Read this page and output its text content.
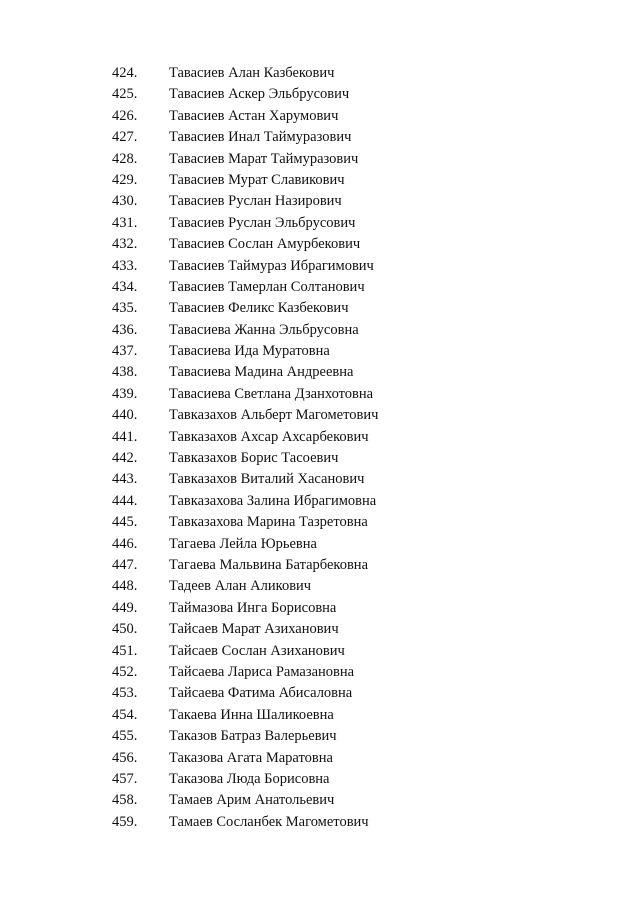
424.	Тавасиев Алан Казбекович
425.	Тавасиев Аскер Эльбрусович
426.	Тавасиев Астан Харумович
427.	Тавасиев Инал Таймуразович
428.	Тавасиев Марат Таймуразович
429.	Тавасиев Мурат Славикович
430.	Тавасиев Руслан Назирович
431.	Тавасиев Руслан Эльбрусович
432.	Тавасиев Сослан Амурбекович
433.	Тавасиев Таймураз Ибрагимович
434.	Тавасиев Тамерлан Солтанович
435.	Тавасиев Феликс Казбекович
436.	Тавасиева Жанна Эльбрусовна
437.	Тавасиева Ида Муратовна
438.	Тавасиева Мадина Андреевна
439.	Тавасиева Светлана Дзанхотовна
440.	Тавказахов Альберт Магометович
441.	Тавказахов Ахсар Ахсарбекович
442.	Тавказахов Борис Тасоевич
443.	Тавказахов Виталий Хасанович
444.	Тавказахова Залина Ибрагимовна
445.	Тавказахова Марина Тазретовна
446.	Тагаева Лейла Юрьевна
447.	Тагаева Мальвина Батарбековна
448.	Тадеев Алан Аликович
449.	Таймазова Инга Борисовна
450.	Тайсаев Марат Азиханович
451.	Тайсаев Сослан Азиханович
452.	Тайсаева Лариса Рамазановна
453.	Тайсаева Фатима Абисаловна
454.	Такаева Инна Шаликоевна
455.	Таказов Батраз Валерьевич
456.	Таказова Агата Маратовна
457.	Таказова Люда Борисовна
458.	Тамаев Арим Анатольевич
459.	Тамаев Сосланбек Магометович
